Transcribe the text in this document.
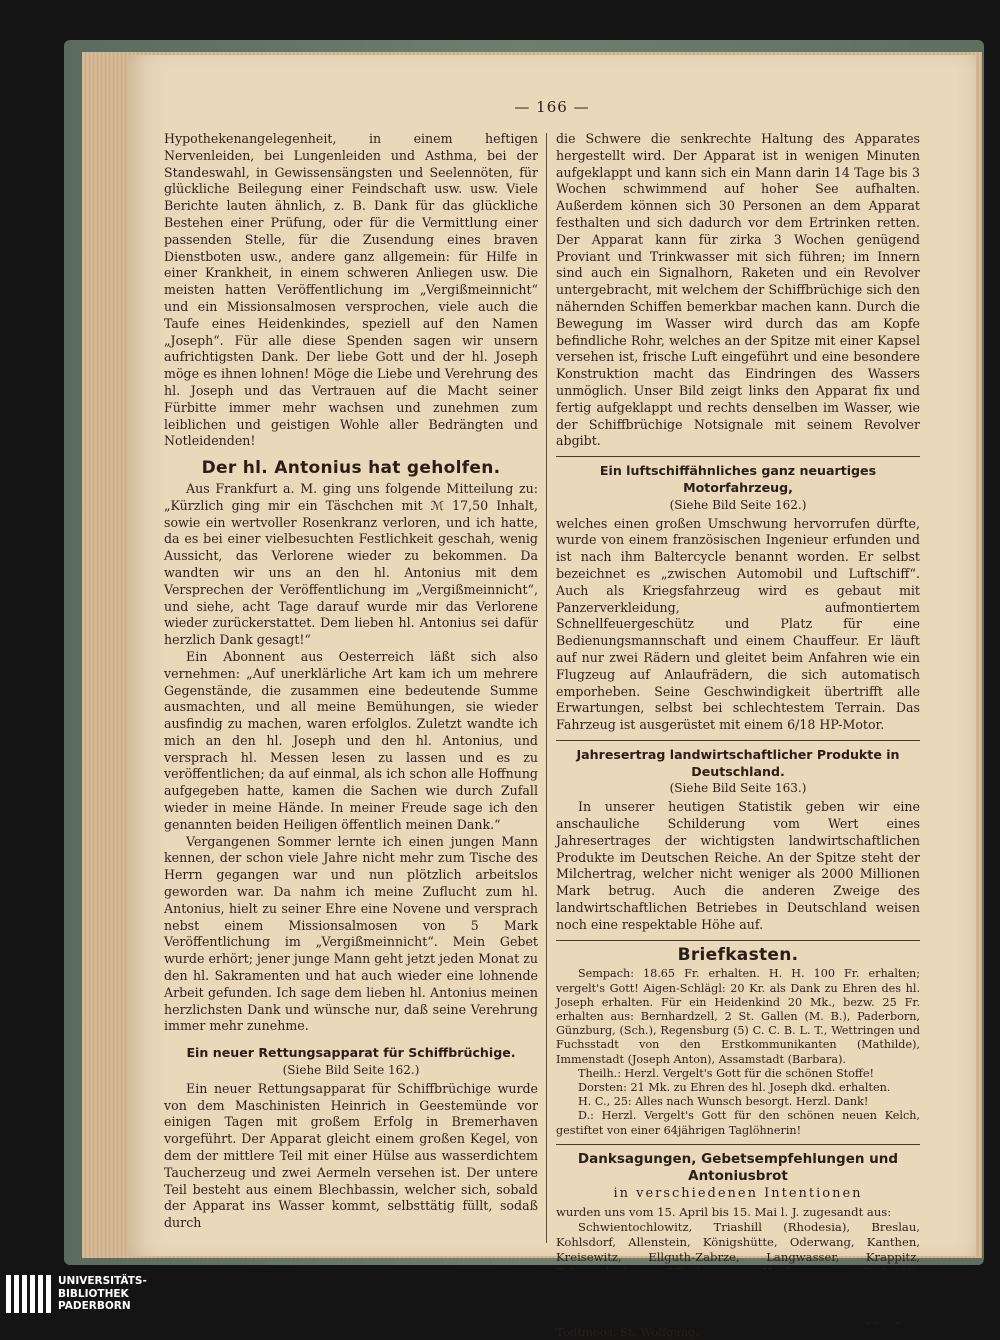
— 166 —

Hypothekenangelegenheit, in einem heftigen Nervenleiden, bei Lungenleiden und Asthma, bei der Standeswahl, in Gewissensängsten und Seelennöten, für glückliche Beilegung einer Feindschaft usw. usw. Viele Berichte lauten ähnlich, z. B. Dank für das glückliche Bestehen einer Prüfung, oder für die Vermittlung einer passenden Stelle, für die Zusendung eines braven Dienstboten usw., andere ganz allgemein: für Hilfe in einer Krankheit, in einem schweren Anliegen usw. Die meisten hatten Veröffentlichung im „Vergißmeinnicht“ und ein Missionsalmosen versprochen, viele auch die Taufe eines Heidenkindes, speziell auf den Namen „Joseph“. Für alle diese Spenden sagen wir unsern aufrichtigsten Dank. Der liebe Gott und der hl. Joseph möge es ihnen lohnen! Möge die Liebe und Verehrung des hl. Joseph und das Vertrauen auf die Macht seiner Fürbitte immer mehr wachsen und zunehmen zum leiblichen und geistigen Wohle aller Bedrängten und Notleidenden!

Der hl. Antonius hat geholfen.

Aus Frankfurt a. M. ging uns folgende Mitteilung zu: „Kürzlich ging mir ein Täschchen mit ℳ 17,50 Inhalt, sowie ein wertvoller Rosenkranz verloren, und ich hatte, da es bei einer vielbesuchten Festlichkeit geschah, wenig Aussicht, das Verlorene wieder zu bekommen. Da wandten wir uns an den hl. Antonius mit dem Versprechen der Veröffentlichung im „Vergißmeinnicht“, und siehe, acht Tage darauf wurde mir das Verlorene wieder zurückerstattet. Dem lieben hl. Antonius sei dafür herzlich Dank gesagt!“

Ein Abonnent aus Oesterreich läßt sich also vernehmen: „Auf unerklärliche Art kam ich um mehrere Gegenstände, die zusammen eine bedeutende Summe ausmachten, und all meine Bemühungen, sie wieder ausfindig zu machen, waren erfolglos. Zuletzt wandte ich mich an den hl. Joseph und den hl. Antonius, und versprach hl. Messen lesen zu lassen und es zu veröffentlichen; da auf einmal, als ich schon alle Hoffnung aufgegeben hatte, kamen die Sachen wie durch Zufall wieder in meine Hände. In meiner Freude sage ich den genannten beiden Heiligen öffentlich meinen Dank.“

Vergangenen Sommer lernte ich einen jungen Mann kennen, der schon viele Jahre nicht mehr zum Tische des Herrn gegangen war und nun plötzlich arbeitslos geworden war. Da nahm ich meine Zuflucht zum hl. Antonius, hielt zu seiner Ehre eine Novene und versprach nebst einem Missionsalmosen von 5 Mark Veröffentlichung im „Vergißmeinnicht“. Mein Gebet wurde erhört; jener junge Mann geht jetzt jeden Monat zu den hl. Sakramenten und hat auch wieder eine lohnende Arbeit gefunden. Ich sage dem lieben hl. Antonius meinen herzlichsten Dank und wünsche nur, daß seine Verehrung immer mehr zunehme.

Ein neuer Rettungsapparat für Schiffbrüchige.
(Siehe Bild Seite 162.)

Ein neuer Rettungsapparat für Schiffbrüchige wurde von dem Maschinisten Heinrich in Geestemünde vor einigen Tagen mit großem Erfolg in Bremerhaven vorgeführt. Der Apparat gleicht einem großen Kegel, von dem der mittlere Teil mit einer Hülse aus wasserdichtem Taucherzeug und zwei Aermeln versehen ist. Der untere Teil besteht aus einem Blechbassin, welcher sich, sobald der Apparat ins Wasser kommt, selbsttätig füllt, sodaß durch

die Schwere die senkrechte Haltung des Apparates hergestellt wird. Der Apparat ist in wenigen Minuten aufgeklappt und kann sich ein Mann darin 14 Tage bis 3 Wochen schwimmend auf hoher See aufhalten. Außerdem können sich 30 Personen an dem Apparat festhalten und sich dadurch vor dem Ertrinken retten. Der Apparat kann für zirka 3 Wochen genügend Proviant und Trinkwasser mit sich führen; im Innern sind auch ein Signalhorn, Raketen und ein Revolver untergebracht, mit welchem der Schiffbrüchige sich den nähernden Schiffen bemerkbar machen kann. Durch die Bewegung im Wasser wird durch das am Kopfe befindliche Rohr, welches an der Spitze mit einer Kapsel versehen ist, frische Luft eingeführt und eine besondere Konstruktion macht das Eindringen des Wassers unmöglich. Unser Bild zeigt links den Apparat fix und fertig aufgeklappt und rechts denselben im Wasser, wie der Schiffbrüchige Notsignale mit seinem Revolver abgibt.

Ein luftschiffähnliches ganz neuartiges Motorfahrzeug,
(Siehe Bild Seite 162.)

welches einen großen Umschwung hervorrufen dürfte, wurde von einem französischen Ingenieur erfunden und ist nach ihm Baltercycle benannt worden. Er selbst bezeichnet es „zwischen Automobil und Luftschiff“. Auch als Kriegsfahrzeug wird es gebaut mit Panzerverkleidung, aufmontiertem Schnellfeuergeschütz und Platz für eine Bedienungsmannschaft und einem Chauffeur. Er läuft auf nur zwei Rädern und gleitet beim Anfahren wie ein Flugzeug auf Anlaufrädern, die sich automatisch emporheben. Seine Geschwindigkeit übertrifft alle Erwartungen, selbst bei schlechtestem Terrain. Das Fahrzeug ist ausgerüstet mit einem 6/18 HP-Motor.

Jahresertrag landwirtschaftlicher Produkte in Deutschland.
(Siehe Bild Seite 163.)

In unserer heutigen Statistik geben wir eine anschauliche Schilderung vom Wert eines Jahresertrages der wichtigsten landwirtschaftlichen Produkte im Deutschen Reiche. An der Spitze steht der Milchertrag, welcher nicht weniger als 2000 Millionen Mark betrug. Auch die anderen Zweige des landwirtschaftlichen Betriebes in Deutschland weisen noch eine respektable Höhe auf.

Briefkasten.

Sempach: 18.65 Fr. erhalten. H. H. 100 Fr. erhalten; vergelt's Gott! Aigen-Schlägl: 20 Kr. als Dank zu Ehren des hl. Joseph erhalten. Für ein Heidenkind 20 Mk., bezw. 25 Fr. erhalten aus: Bernhardzell, 2 St. Gallen (M. B.), Paderborn, Günzburg, (Sch.), Regensburg (5) C. C. B. L. T., Wettringen und Fuchsstadt von den Erstkommunikanten (Mathilde), Immenstadt (Joseph Anton), Assamstadt (Barbara).

Theilh.: Herzl. Vergelt's Gott für die schönen Stoffe!

Dorsten: 21 Mk. zu Ehren des hl. Joseph dkd. erhalten.

H. C., 25: Alles nach Wunsch besorgt. Herzl. Dank!

D.: Herzl. Vergelt's Gott für den schönen neuen Kelch, gestiftet von einer 64jährigen Taglöhnerin!

Danksagungen, Gebetsempfehlungen und Antoniusbrot
in verschiedenen Intentionen

wurden uns vom 15. April bis 15. Mai l. J. zugesandt aus:

Schwientochlowitz, Triashill (Rhodesia), Breslau, Kohlsdorf, Allenstein, Königshütte, Oderwang, Kanthen, Kreisewitz, Ellguth-Zabrze, Langwasser, Krappitz, Todtmoos, St. Wolfgang,

UNIVERSITÄTS-
BIBLIOTHEK
PADERBORN
